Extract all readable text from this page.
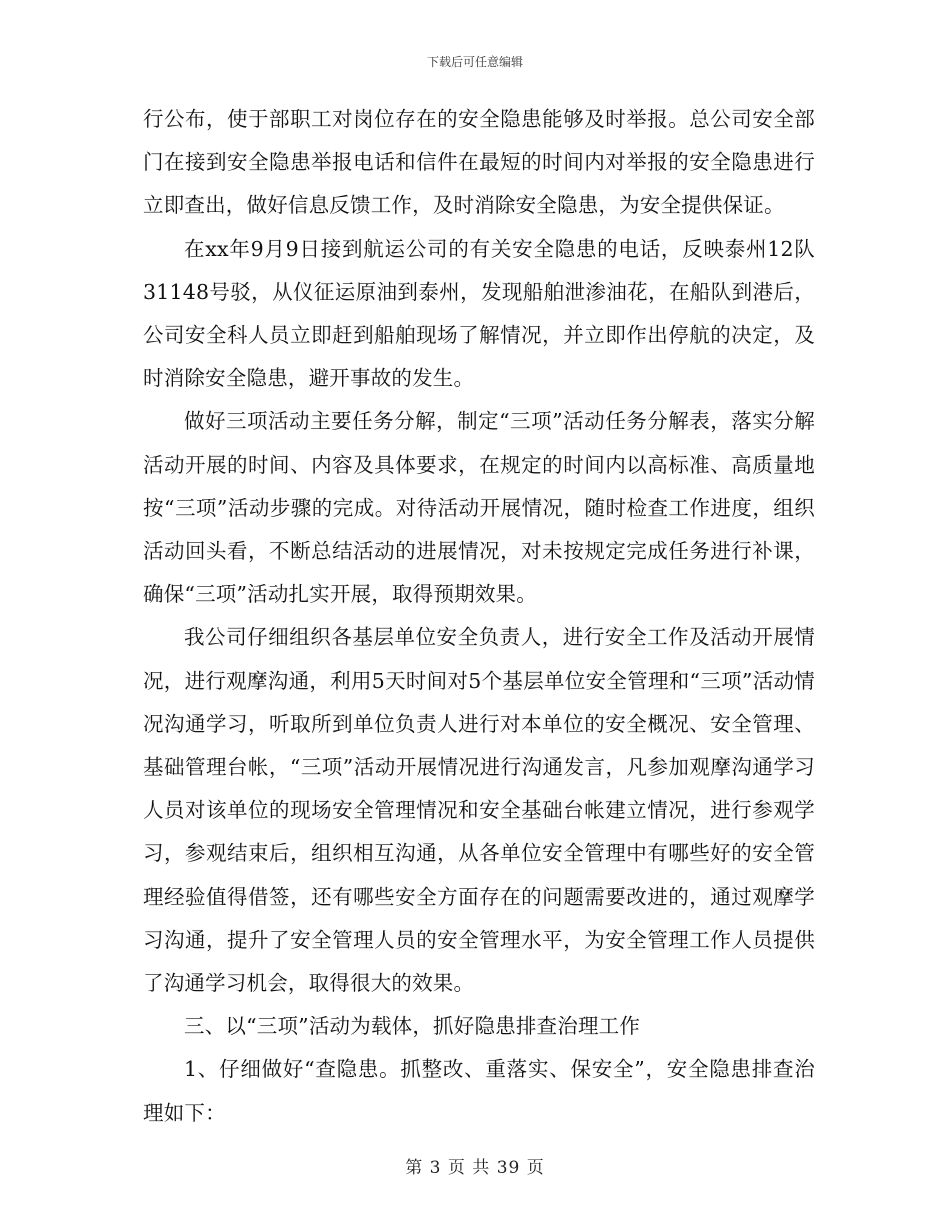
下载后可任意编辑

行公布，使于部职工对岗位存在的安全隐患能够及时举报。总公司安全部门在接到安全隐患举报电话和信件在最短的时间内对举报的安全隐患进行立即查出，做好信息反馈工作，及时消除安全隐患，为安全提供保证。

在xx年9月9日接到航运公司的有关安全隐患的电话，反映泰州12队31148号驳，从仪征运原油到泰州，发现船舶泄渗油花，在船队到港后，公司安全科人员立即赶到船舶现场了解情况，并立即作出停航的决定，及时消除安全隐患，避开事故的发生。

做好三项活动主要任务分解，制定“三项”活动任务分解表，落实分解活动开展的时间、内容及具体要求，在规定的时间内以高标准、高质量地按“三项”活动步骤的完成。对待活动开展情况，随时检查工作进度，组织活动回头看，不断总结活动的进展情况，对未按规定完成任务进行补课，确保“三项”活动扎实开展，取得预期效果。

我公司仔细组织各基层单位安全负责人，进行安全工作及活动开展情况，进行观摩沟通，利用5天时间对5个基层单位安全管理和“三项”活动情况沟通学习，听取所到单位负责人进行对本单位的安全概况、安全管理、基础管理台帐，“三项”活动开展情况进行沟通发言，凡参加观摩沟通学习人员对该单位的现场安全管理情况和安全基础台帐建立情况，进行参观学习，参观结束后，组织相互沟通，从各单位安全管理中有哪些好的安全管理经验值得借签，还有哪些安全方面存在的问题需要改进的，通过观摩学习沟通，提升了安全管理人员的安全管理水平，为安全管理工作人员提供了沟通学习机会，取得很大的效果。

三、以“三项”活动为载体，抓好隐患排查治理工作

1、仔细做好“查隐患。抓整改、重落实、保安全”，安全隐患排查治理如下：

第 3 页 共 39 页
